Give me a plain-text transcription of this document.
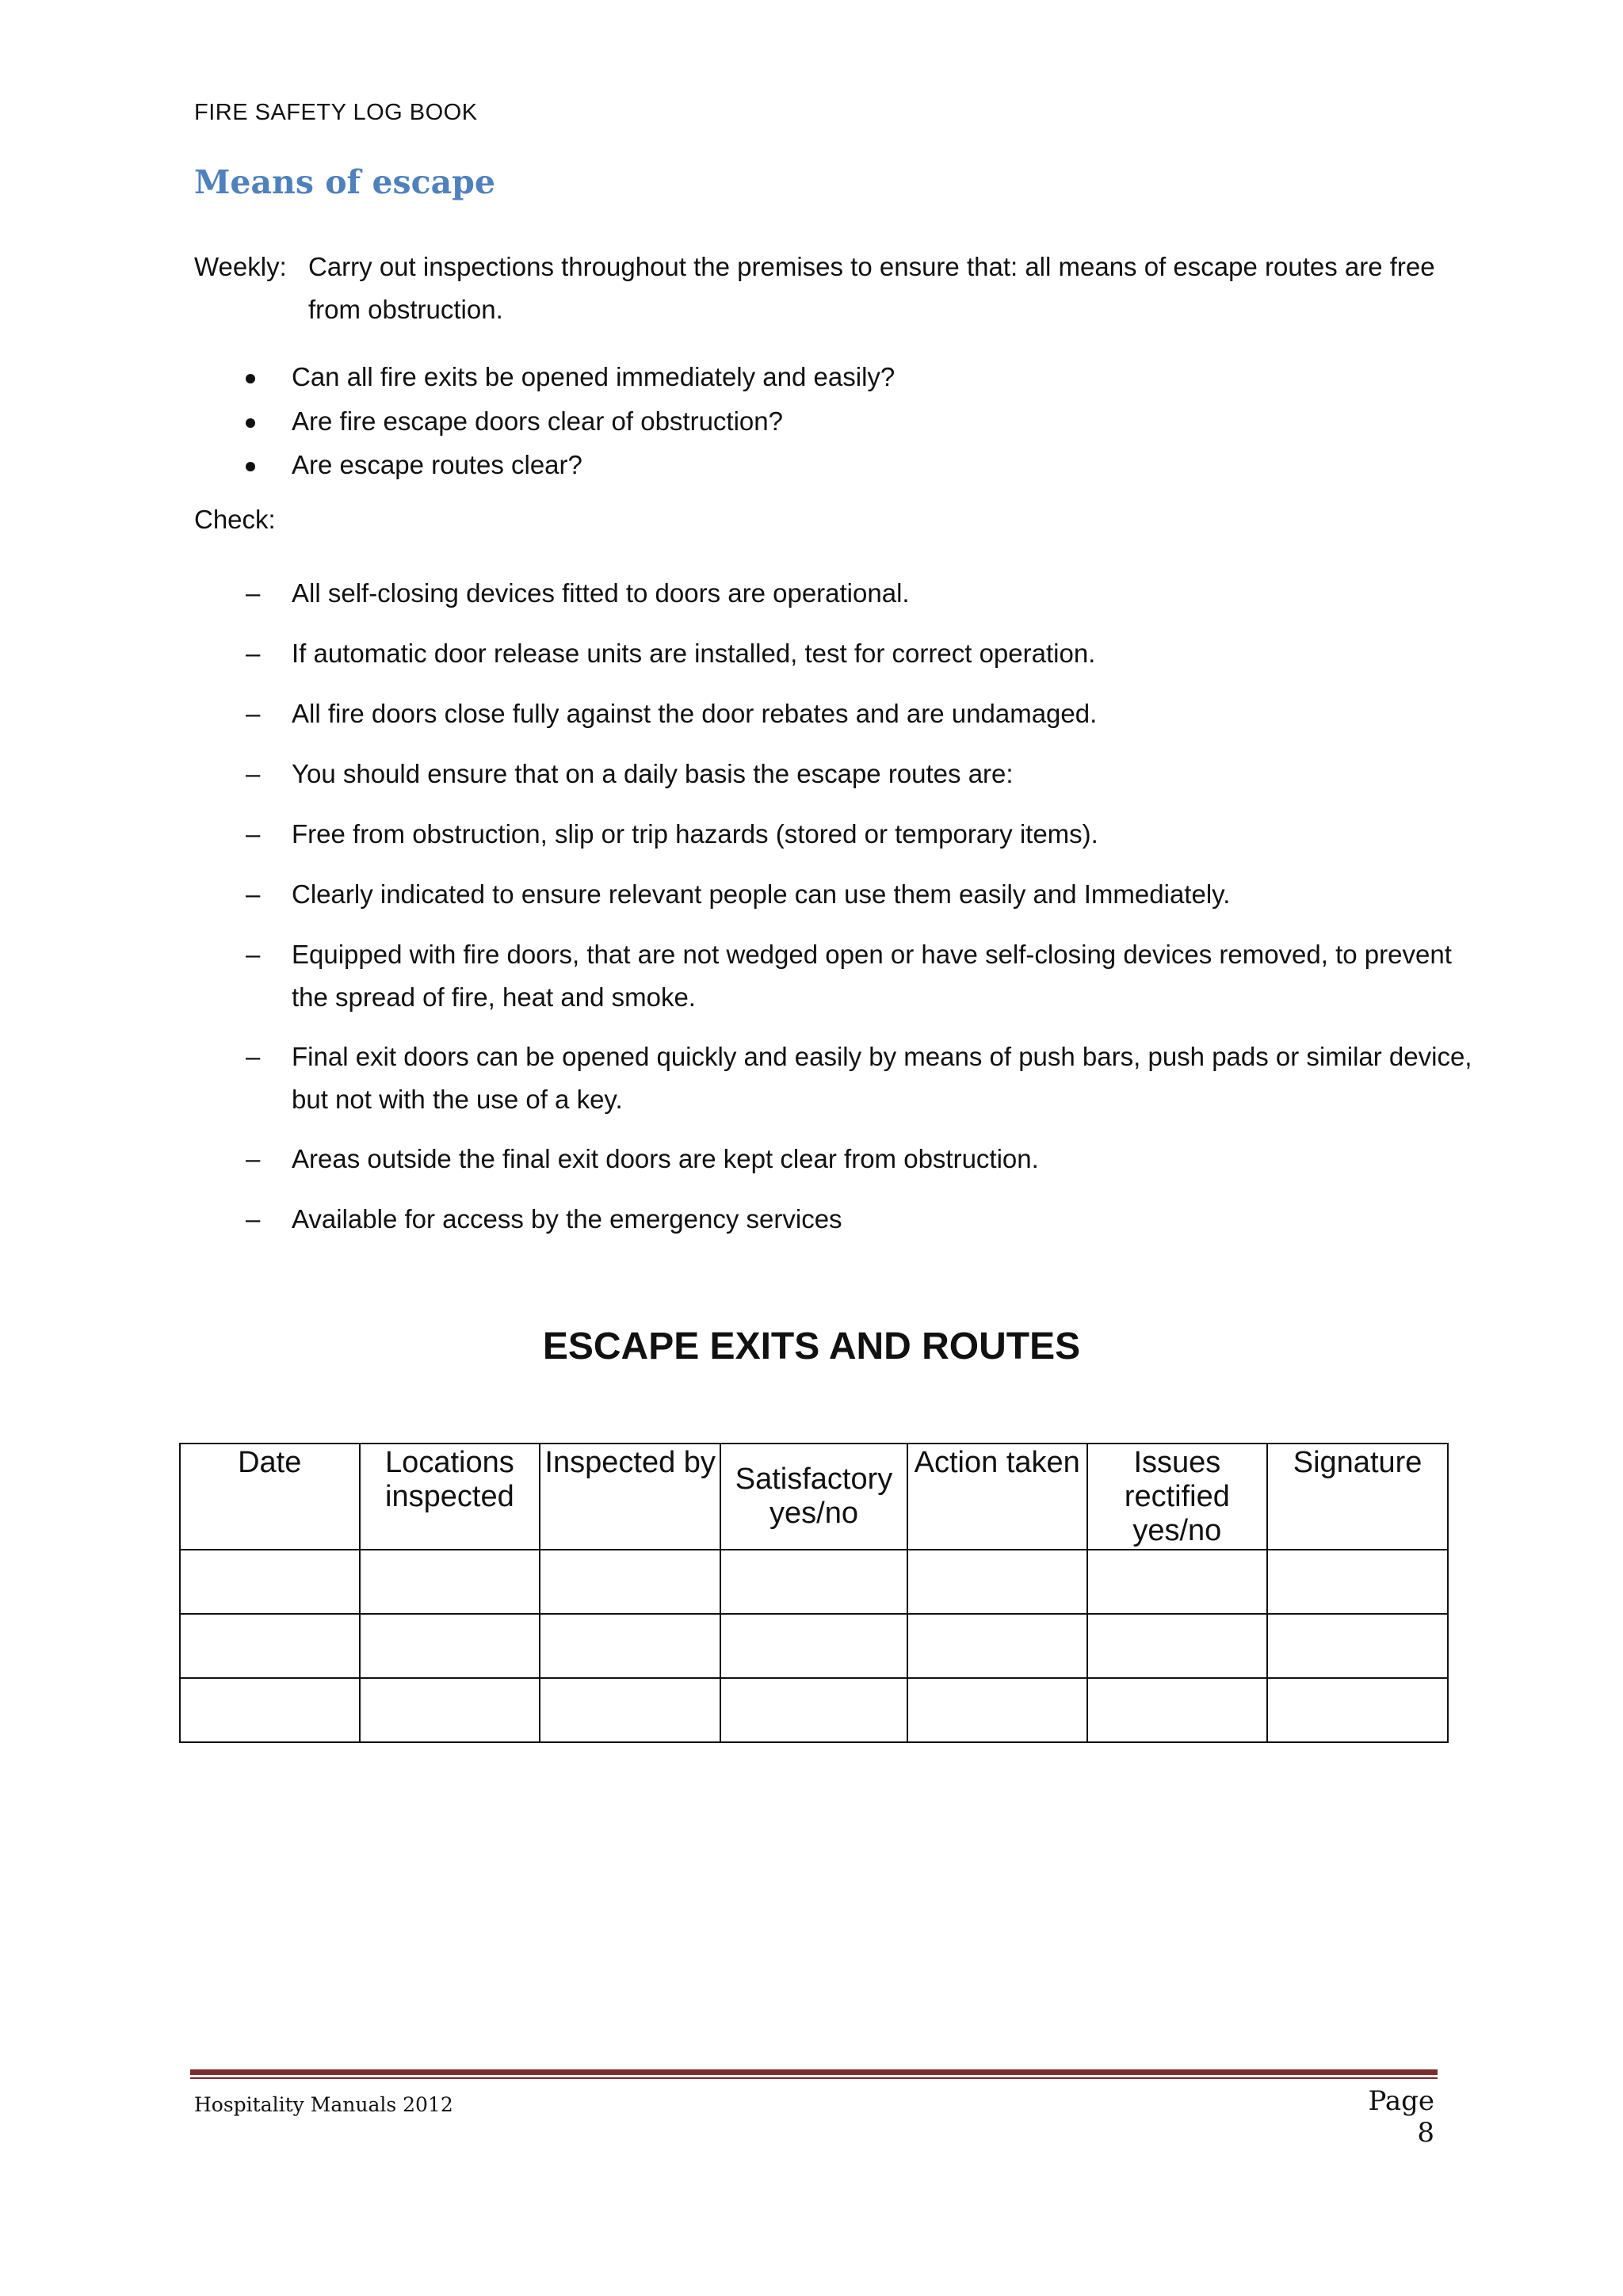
FIRE SAFETY LOG BOOK
Means of escape
Weekly: Carry out inspections throughout the premises to ensure that: all means of escape routes are free from obstruction.
Can all fire exits be opened immediately and easily?
Are fire escape doors clear of obstruction?
Are escape routes clear?
Check:
–	All self-closing devices fitted to doors are operational.
–	If automatic door release units are installed, test for correct operation.
–	All fire doors close fully against the door rebates and are undamaged.
–	You should ensure that on a daily basis the escape routes are:
–	Free from obstruction, slip or trip hazards (stored or temporary items).
–	Clearly indicated to ensure relevant people can use them easily and Immediately.
–	Equipped with fire doors, that are not wedged open or have self-closing devices removed, to prevent the spread of fire, heat and smoke.
–	Final exit doors can be opened quickly and easily by means of push bars, push pads or similar device, but not with the use of a key.
–	Areas outside the final exit doors are kept clear from obstruction.
–	Available for access by the emergency services
ESCAPE EXITS AND ROUTES
Date	Locations inspected	Inspected by	Satisfactory yes/no	Action taken	Issues rectified yes/no	Signature

Hospitality Manuals 2012	Page 8
